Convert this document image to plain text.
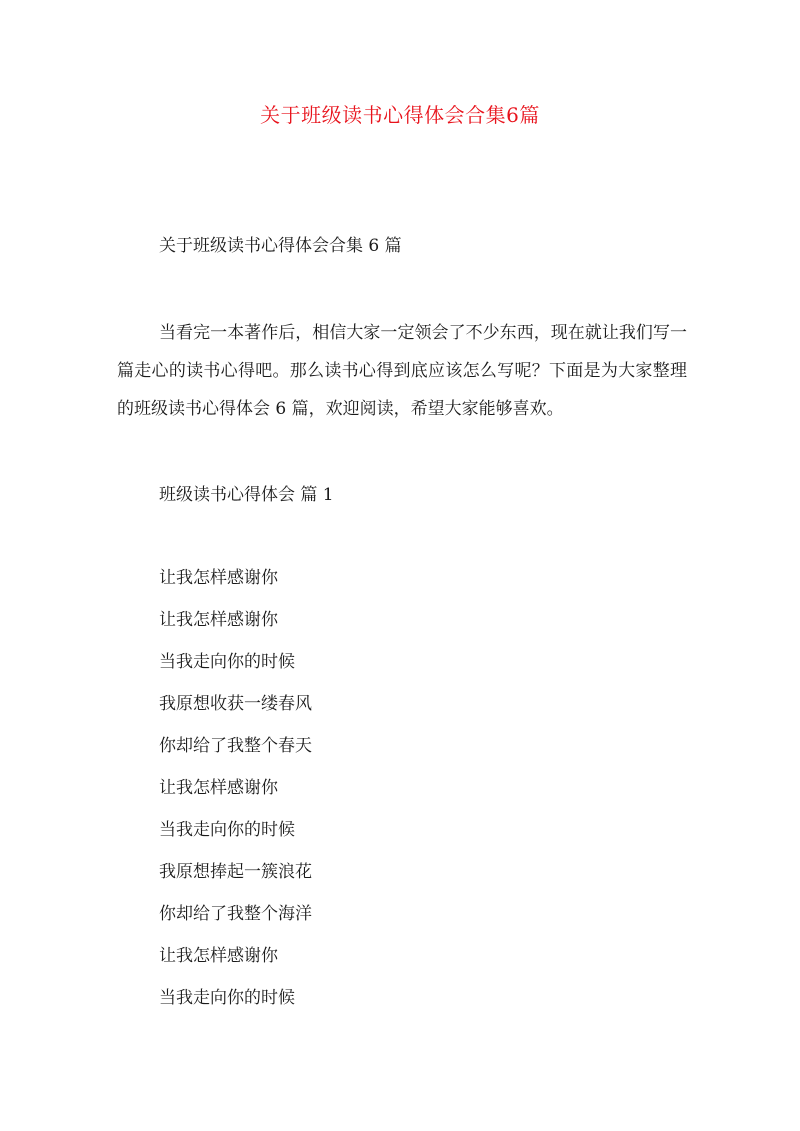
关于班级读书心得体会合集6篇

关于班级读书心得体会合集 6 篇

当看完一本著作后，相信大家一定领会了不少东西，现在就让我们写一篇走心的读书心得吧。那么读书心得到底应该怎么写呢？下面是为大家整理的班级读书心得体会 6 篇，欢迎阅读，希望大家能够喜欢。

班级读书心得体会 篇 1

让我怎样感谢你
让我怎样感谢你
当我走向你的时候
我原想收获一缕春风
你却给了我整个春天
让我怎样感谢你
当我走向你的时候
我原想捧起一簇浪花
你却给了我整个海洋
让我怎样感谢你
当我走向你的时候
